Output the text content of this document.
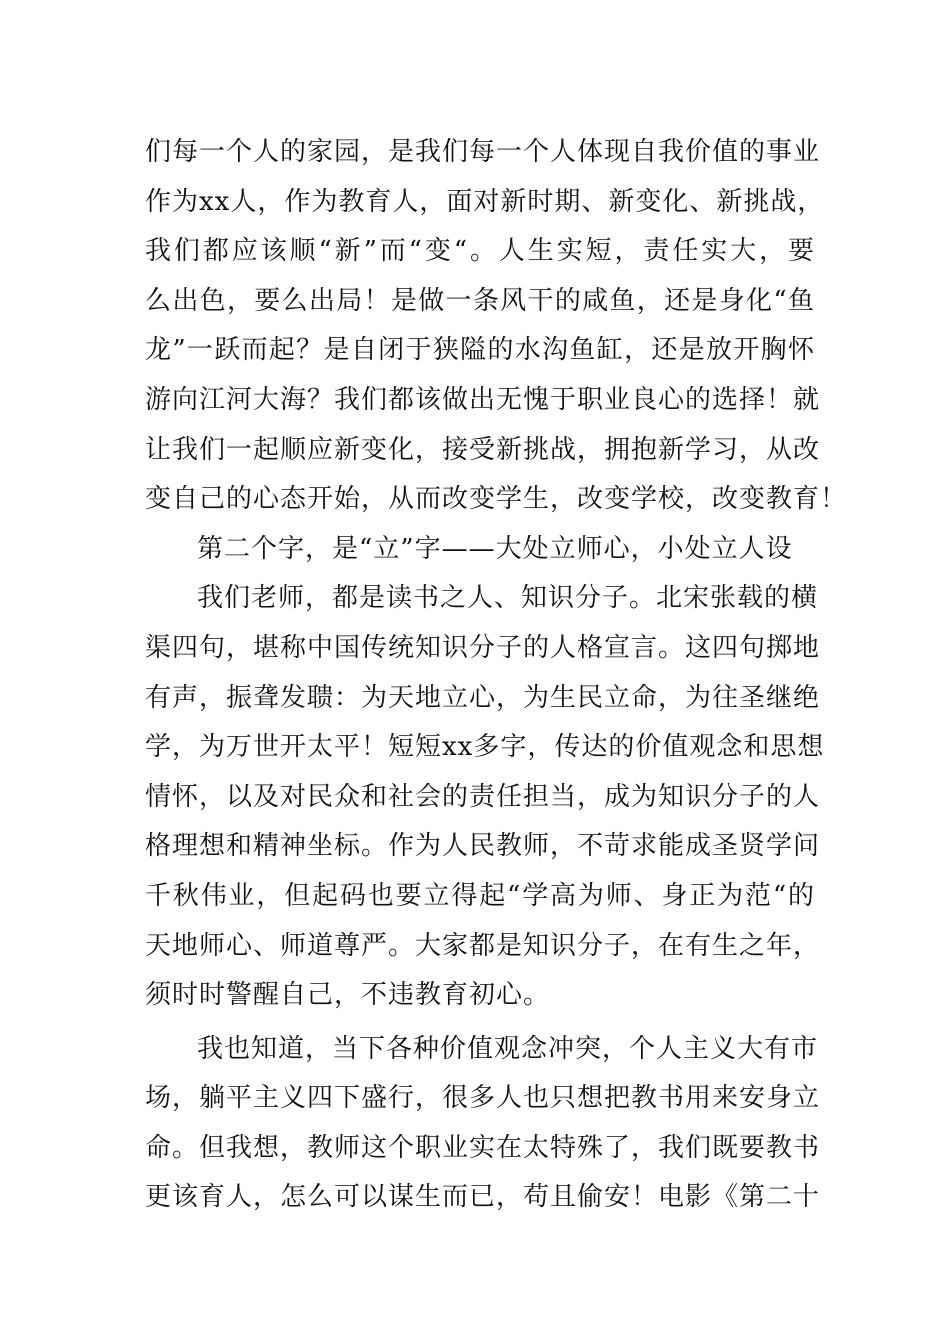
们每一个人的家园，是我们每一个人体现自我价值的事业
作为xx人，作为教育人，面对新时期、新变化、新挑战，
我们都应该顺“新”而“变“。人生实短，责任实大，要
么出色，要么出局！是做一条风干的咸鱼，还是身化“鱼
龙”一跃而起？是自闭于狭隘的水沟鱼缸，还是放开胸怀
游向江河大海？我们都该做出无愧于职业良心的选择！就
让我们一起顺应新变化，接受新挑战，拥抱新学习，从改
变自己的心态开始，从而改变学生，改变学校，改变教育！
第二个字，是“立”字——大处立师心，小处立人设
我们老师，都是读书之人、知识分子。北宋张载的横
渠四句，堪称中国传统知识分子的人格宣言。这四句掷地
有声，振聋发聩：为天地立心，为生民立命，为往圣继绝
学，为万世开太平！短短xx多字，传达的价值观念和思想
情怀，以及对民众和社会的责任担当，成为知识分子的人
格理想和精神坐标。作为人民教师，不苛求能成圣贤学问
千秋伟业，但起码也要立得起“学高为师、身正为范“的
天地师心、师道尊严。大家都是知识分子，在有生之年，
须时时警醒自己，不违教育初心。
我也知道，当下各种价值观念冲突，个人主义大有市
场，躺平主义四下盛行，很多人也只想把教书用来安身立
命。但我想，教师这个职业实在太特殊了，我们既要教书
更该育人，怎么可以谋生而已，苟且偷安！电影《第二十
